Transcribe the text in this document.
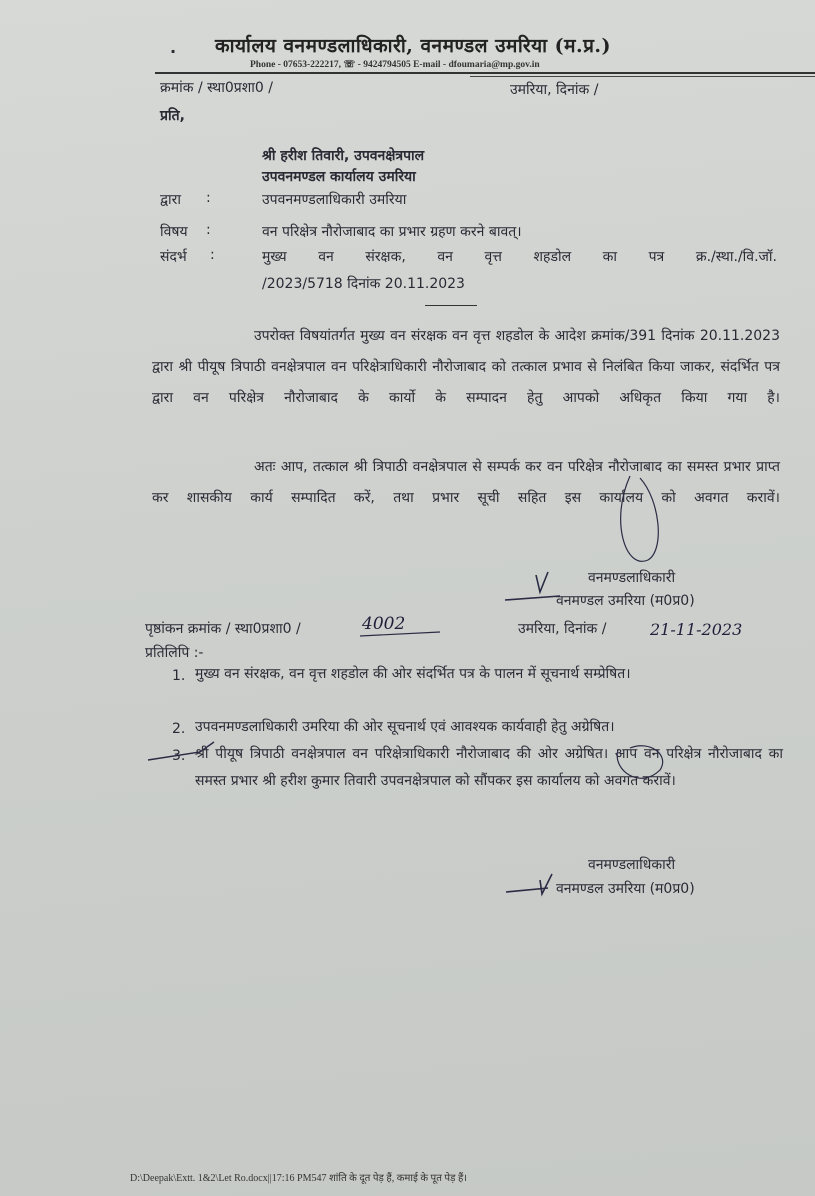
. कार्यालय वनमण्डलाधिकारी, वनमण्डल उमरिया (म.प्र.)
Phone - 07653-222217, ☏ - 9424794505 E-mail - dfoumaria@mp.gov.in
क्रमांक / स्था0प्रशा0 /	उमरिया, दिनांक /
प्रति,
श्री हरीश तिवारी, उपवनक्षेत्रपाल
उपवनमण्डल कार्यालय उमरिया
द्वारा :	उपवनमण्डलाधिकारी उमरिया
विषय :	वन परिक्षेत्र नौरोजाबाद का प्रभार ग्रहण करने बावत्।
संदर्भ :	मुख्य वन संरक्षक, वन वृत्त शहडोल का पत्र क्र./स्था./वि.जॉ.
/2023/5718 दिनांक 20.11.2023
उपरोक्त विषयांतर्गत मुख्य वन संरक्षक वन वृत्त शहडोल के आदेश क्रमांक/391 दिनांक 20.11.2023 द्वारा श्री पीयूष त्रिपाठी वनक्षेत्रपाल वन परिक्षेत्राधिकारी नौरोजाबाद को तत्काल प्रभाव से निलंबित किया जाकर, संदर्भित पत्र द्वारा वन परिक्षेत्र नौरोजाबाद के कार्यो के सम्पादन हेतु आपको अधिकृत किया गया है।
अतः आप, तत्काल श्री त्रिपाठी वनक्षेत्रपाल से सम्पर्क कर वन परिक्षेत्र नौरोजाबाद का समस्त प्रभार प्राप्त कर शासकीय कार्य सम्पादित करें, तथा प्रभार सूची सहित इस कार्यालय को अवगत करावें।
वनमण्डलाधिकारी
वनमण्डल उमरिया (म0प्र0)
पृष्ठांकन क्रमांक / स्था0प्रशा0 /	4002	उमरिया, दिनांक /	21-11-2023
प्रतिलिपि :-
1. मुख्य वन संरक्षक, वन वृत्त शहडोल की ओर संदर्भित पत्र के पालन में सूचनार्थ सम्प्रेषित।
2. उपवनमण्डलाधिकारी उमरिया की ओर सूचनार्थ एवं आवश्यक कार्यवाही हेतु अग्रेषित।
3. श्री पीयूष त्रिपाठी वनक्षेत्रपाल वन परिक्षेत्राधिकारी नौरोजाबाद की ओर अग्रेषित। आप वन परिक्षेत्र नौरोजाबाद का समस्त प्रभार श्री हरीश कुमार तिवारी उपवनक्षेत्रपाल को सौंपकर इस कार्यालय को अवगत करावें।
वनमण्डलाधिकारी
वनमण्डल उमरिया (म0प्र0)
D:\Deepak\Extt. 1&2\Let Ro.docx||17:16 PM547 शांति के दूत पेड़ हैं, कमाई के पूत पेड़ हैं।
